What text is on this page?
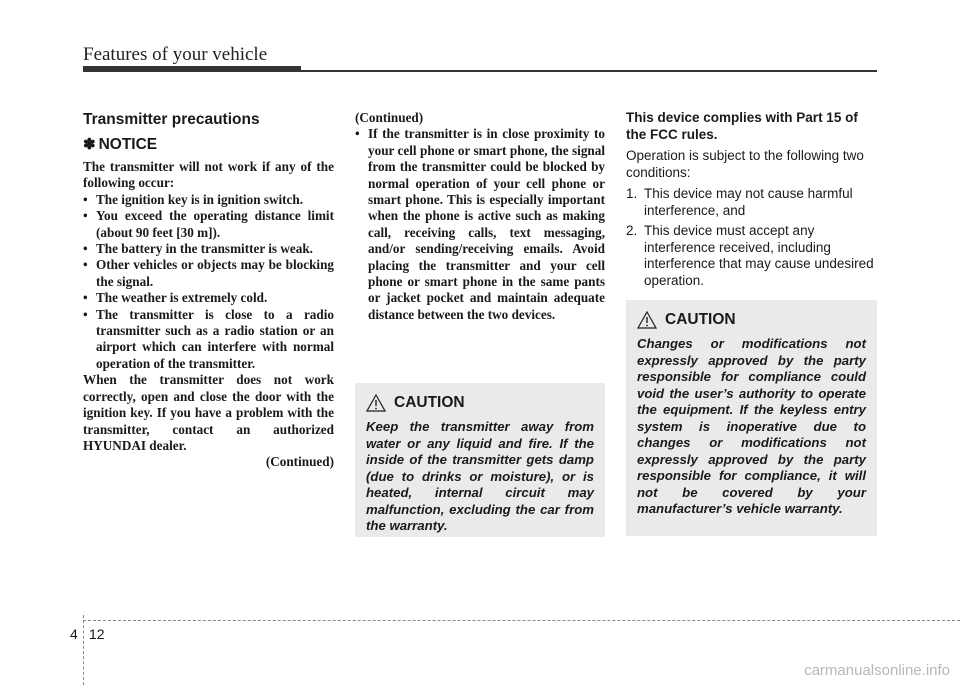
Features of your vehicle
Transmitter precautions
✽ NOTICE

The transmitter will not work if any of the following occur:

• The ignition key is in ignition switch.
• You exceed the operating distance limit (about 90 feet [30 m]).
• The battery in the transmitter is weak.
• Other vehicles or objects may be blocking the signal.
• The weather is extremely cold.
• The transmitter is close to a radio transmitter such as a radio station or an airport which can interfere with normal operation of the transmitter.

When the transmitter does not work correctly, open and close the door with the ignition key. If you have a problem with the transmitter, contact an authorized HYUNDAI dealer.

(Continued)

(Continued)

• If the transmitter is in close proximity to your cell phone or smart phone, the signal from the transmitter could be blocked by normal operation of your cell phone or smart phone. This is especially important when the phone is active such as making call, receiving calls, text messaging, and/or sending/receiving emails. Avoid placing the transmitter and your cell phone or smart phone in the same pants or jacket pocket and maintain adequate distance between the two devices.
CAUTION

Keep the transmitter away from water or any liquid and fire. If the inside of the transmitter gets damp (due to drinks or moisture), or is heated, internal circuit may malfunction, excluding the car from the warranty.

This device complies with Part 15 of the FCC rules.

Operation is subject to the following two conditions:

1. This device may not cause harmful interference, and
2. This device must accept any interference received, including interference that may cause undesired operation.
CAUTION

Changes or modifications not expressly approved by the party responsible for compliance could void the user’s authority to operate the equipment. If the keyless entry system is inoperative due to changes or modifications not expressly approved by the party responsible for compliance, it will not be covered by your manufacturer’s vehicle warranty.

4 12
carmanualsonline.info
